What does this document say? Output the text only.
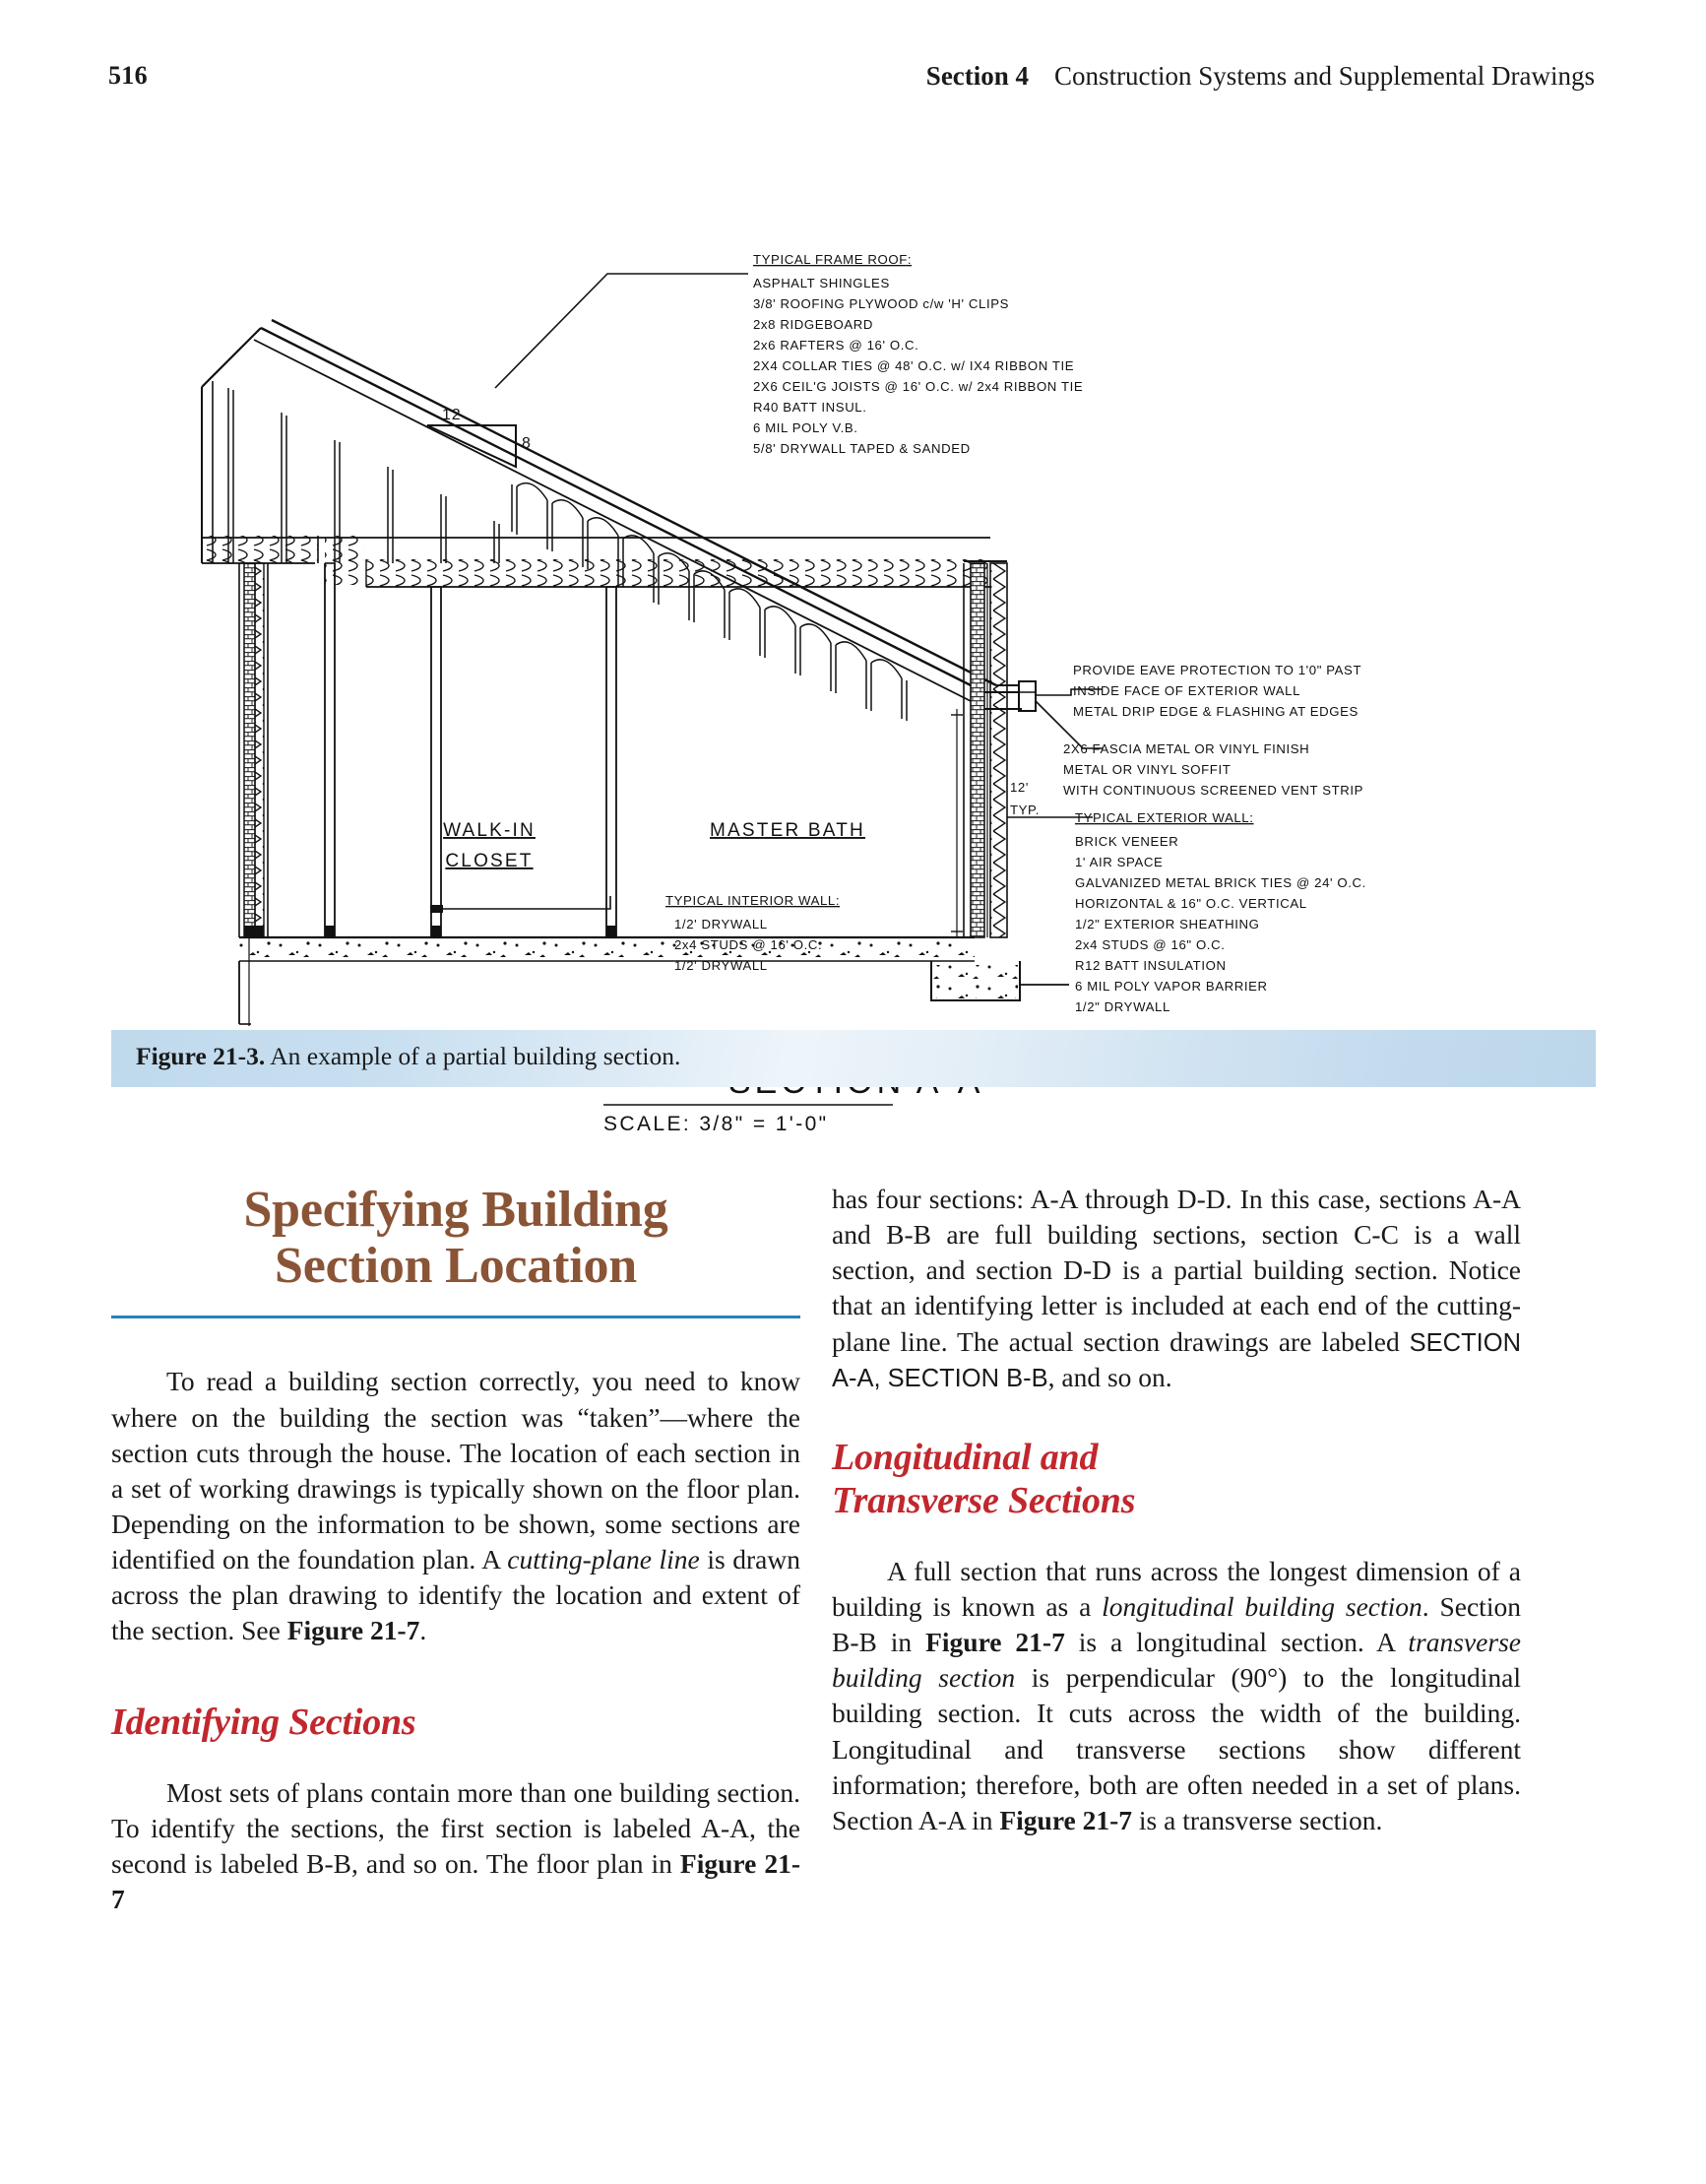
516	Section 4 Construction Systems and Supplemental Drawings
12
8
12'
TYP.
TYPICAL FRAME ROOF:
ASPHALT SHINGLES
3/8' ROOFING PLYWOOD c/w 'H' CLIPS
2x8 RIDGEBOARD
2x6 RAFTERS @ 16' O.C.
2X4 COLLAR TIES @ 48' O.C. w/ IX4 RIBBON TIE
2X6 CEIL'G JOISTS @ 16' O.C. w/ 2x4 RIBBON TIE
R40 BATT INSUL.
6 MIL POLY V.B.
5/8' DRYWALL TAPED & SANDED
PROVIDE EAVE PROTECTION TO 1'0" PAST
INSIDE FACE OF EXTERIOR WALL
METAL DRIP EDGE & FLASHING AT EDGES
2X6 FASCIA METAL OR VINYL FINISH
METAL OR VINYL SOFFIT
WITH CONTINUOUS SCREENED VENT STRIP
TYPICAL EXTERIOR WALL:
BRICK VENEER
1' AIR SPACE
GALVANIZED METAL BRICK TIES @ 24' O.C.
HORIZONTAL & 16" O.C. VERTICAL
1/2" EXTERIOR SHEATHING
2x4 STUDS @ 16" O.C.
R12 BATT INSULATION
6 MIL POLY VAPOR BARRIER
1/2" DRYWALL
TYPICAL INTERIOR WALL:
1/2' DRYWALL
2x4 STUDS @ 16' O.C.
1/2' DRYWALL
WALK-IN
CLOSET
MASTER BATH
SCALE: 3/8" = 1'-0"
Figure 21-3. An example of a partial building section.
Specifying Building
Section Location

To read a building section correctly, you need to know where on the building the section was “taken”—where the section cuts through the house. The location of each section in a set of working drawings is typically shown on the floor plan. Depending on the information to be shown, some sections are identified on the foundation plan. A cutting-plane line is drawn across the plan drawing to identify the location and extent of the section. See Figure 21-7.

Identifying Sections

Most sets of plans contain more than one building section. To identify the sections, the first section is labeled A-A, the second is labeled B-B, and so on. The floor plan in Figure 21-7

has four sections: A-A through D-D. In this case, sections A-A and B-B are full building sections, section C-C is a wall section, and section D-D is a partial building section. Notice that an identifying letter is included at each end of the cutting-plane line. The actual section drawings are labeled SECTION A-A, SECTION B-B, and so on.

Longitudinal and
Transverse Sections

A full section that runs across the longest dimension of a building is known as a longitudinal building section. Section B-B in Figure 21-7 is a longitudinal section. A transverse building section is perpendicular (90°) to the longitudinal building section. It cuts across the width of the building. Longitudinal and transverse sections show different information; therefore, both are often needed in a set of plans. Section A-A in Figure 21-7 is a transverse section.
